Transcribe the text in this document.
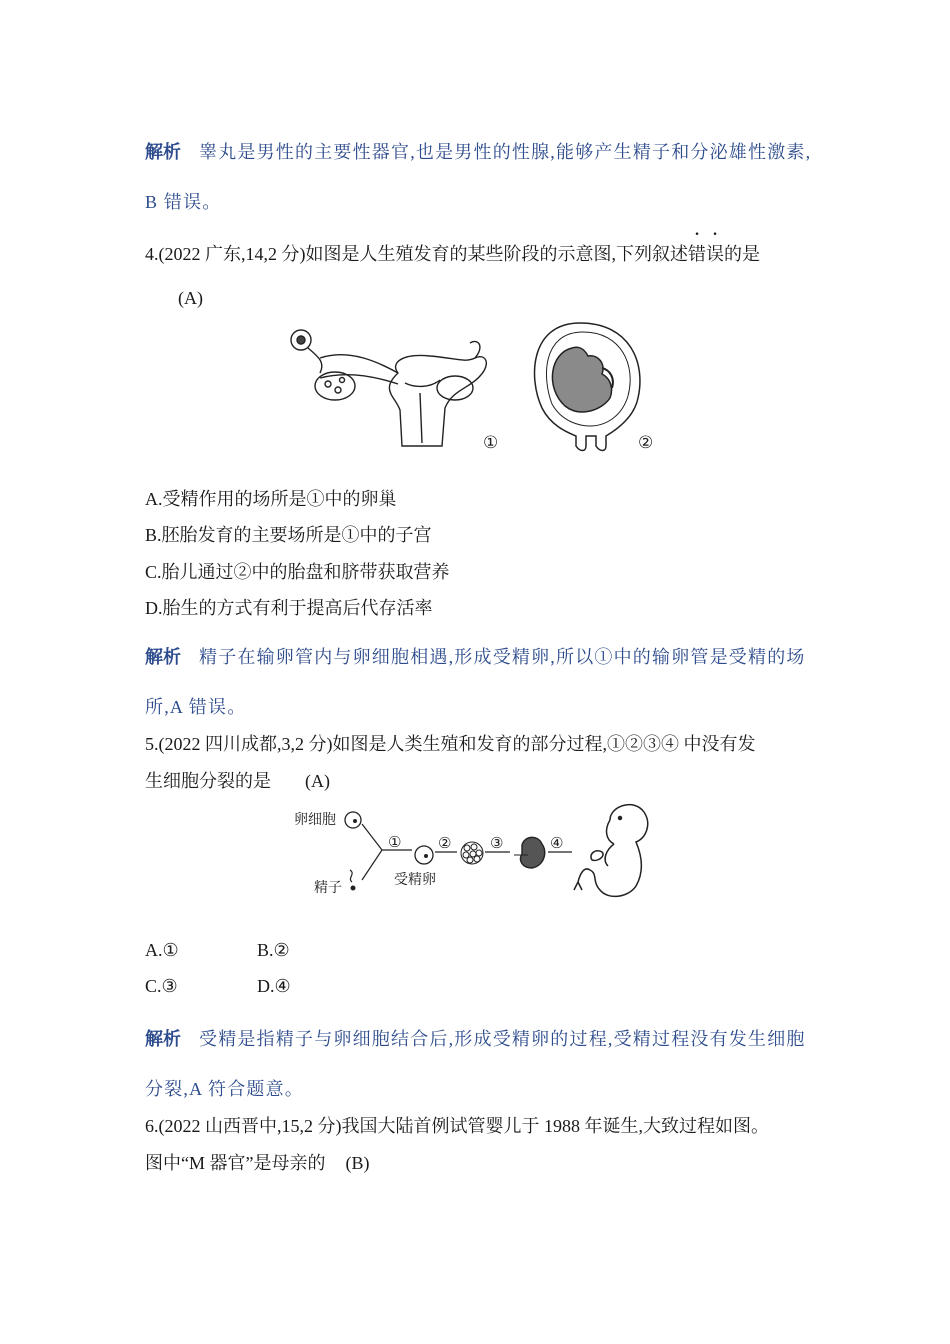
解析 睾丸是男性的主要性器官,也是男性的性腺,能够产生精子和分泌雄性激素,
B 错误。
4.(2022 广东,14,2 分)如图是人生殖发育的某些阶段的示意图,下列叙述错误的是
(A)
①	②
A.受精作用的场所是①中的卵巢
B.胚胎发育的主要场所是①中的子宫
C.胎儿通过②中的胎盘和脐带获取营养
D.胎生的方式有利于提高后代存活率
解析 精子在输卵管内与卵细胞相遇,形成受精卵,所以①中的输卵管是受精的场
所,A 错误。
5.(2022 四川成都,3,2 分)如图是人类生殖和发育的部分过程,①②③④ 中没有发
生细胞分裂的是 (A)
卵细胞
精子
①
受精卵
②	③	④
A.①	B.②
C.③	D.④
解析 受精是指精子与卵细胞结合后,形成受精卵的过程,受精过程没有发生细胞
分裂,A 符合题意。
6.(2022 山西晋中,15,2 分)我国大陆首例试管婴儿于 1988 年诞生,大致过程如图。
图中“M 器官”是母亲的 (B)
